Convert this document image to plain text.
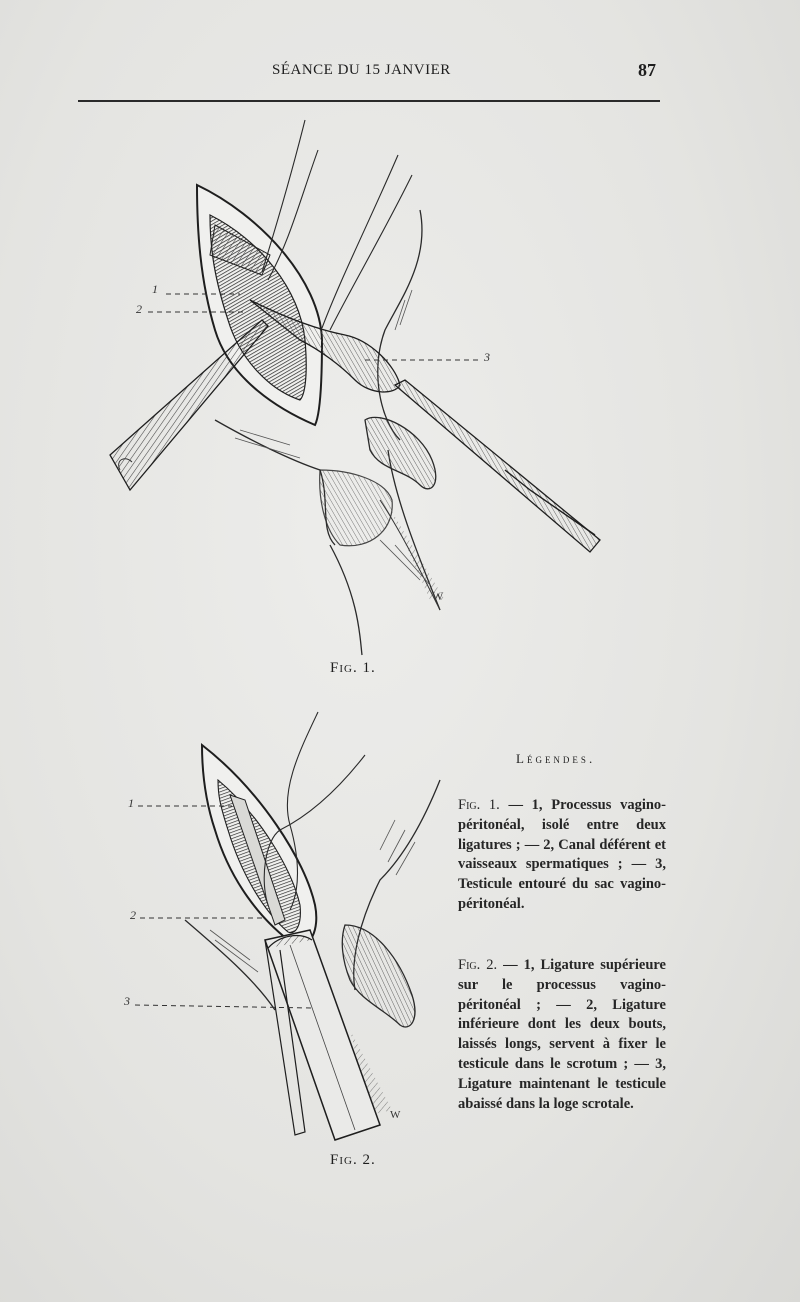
SÉANCE DU 15 JANVIER	87
W
1
2
3
Fig. 1.
W
1
2
3
Fig. 2.
Légendes.
Fig. 1. — 1, Processus vagino-péritonéal, isolé entre deux ligatures ; — 2, Canal déférent et vaisseaux spermatiques ; — 3, Testicule entouré du sac vagino-péritonéal.
Fig. 2. — 1, Ligature supérieure sur le processus vagino-péritonéal ; — 2, Ligature inférieure dont les deux bouts, laissés longs, servent à fixer le testicule dans le scrotum ; — 3, Ligature maintenant le testicule abaissé dans la loge scrotale.
